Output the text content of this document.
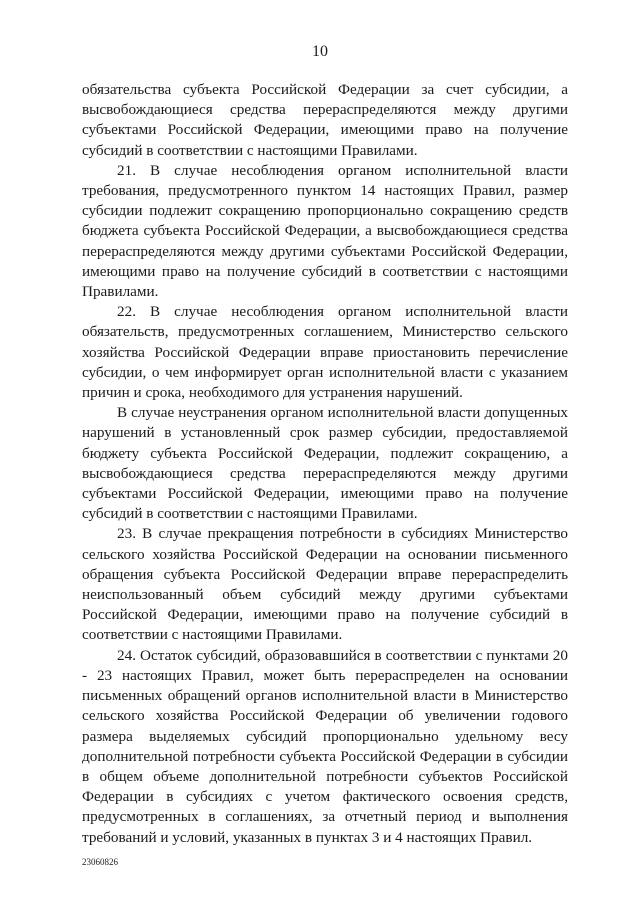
10

обязательства субъекта Российской Федерации за счет субсидии, а высвобождающиеся средства перераспределяются между другими субъектами Российской Федерации, имеющими право на получение субсидий в соответствии с настоящими Правилами.

21. В случае несоблюдения органом исполнительной власти требования, предусмотренного пунктом 14 настоящих Правил, размер субсидии подлежит сокращению пропорционально сокращению средств бюджета субъекта Российской Федерации, а высвобождающиеся средства перераспределяются между другими субъектами Российской Федерации, имеющими право на получение субсидий в соответствии с настоящими Правилами.

22. В случае несоблюдения органом исполнительной власти обязательств, предусмотренных соглашением, Министерство сельского хозяйства Российской Федерации вправе приостановить перечисление субсидии, о чем информирует орган исполнительной власти с указанием причин и срока, необходимого для устранения нарушений.

В случае неустранения органом исполнительной власти допущенных нарушений в установленный срок размер субсидии, предоставляемой бюджету субъекта Российской Федерации, подлежит сокращению, а высвобождающиеся средства перераспределяются между другими субъектами Российской Федерации, имеющими право на получение субсидий в соответствии с настоящими Правилами.

23. В случае прекращения потребности в субсидиях Министерство сельского хозяйства Российской Федерации на основании письменного обращения субъекта Российской Федерации вправе перераспределить неиспользованный объем субсидий между другими субъектами Российской Федерации, имеющими право на получение субсидий в соответствии с настоящими Правилами.

24. Остаток субсидий, образовавшийся в соответствии с пунктами 20 - 23 настоящих Правил, может быть перераспределен на основании письменных обращений органов исполнительной власти в Министерство сельского хозяйства Российской Федерации об увеличении годового размера выделяемых субсидий пропорционально удельному весу дополнительной потребности субъекта Российской Федерации в субсидии в общем объеме дополнительной потребности субъектов Российской Федерации в субсидиях с учетом фактического освоения средств, предусмотренных в соглашениях, за отчетный период и выполнения требований и условий, указанных в пунктах 3 и 4 настоящих Правил.

23060826
